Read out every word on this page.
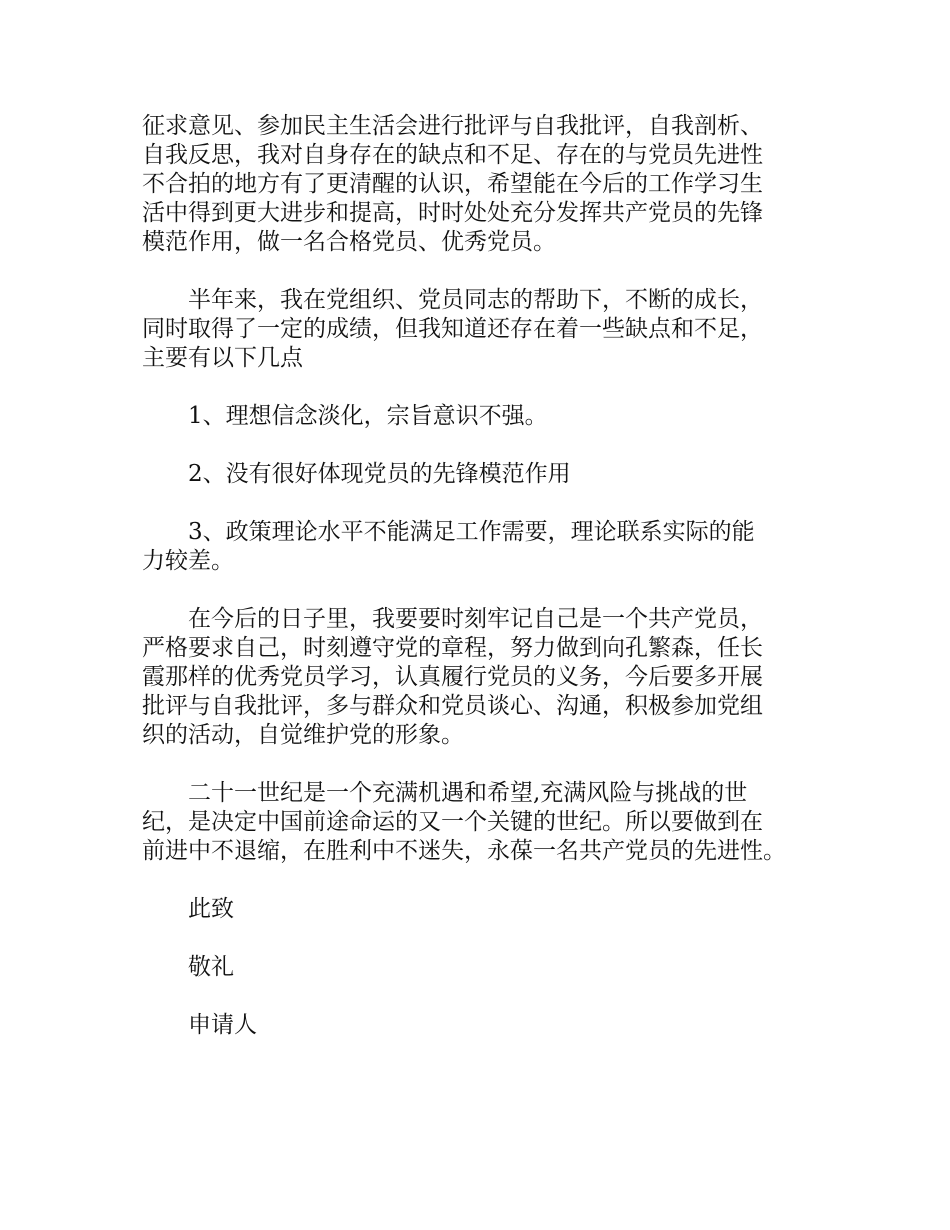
征求意见、参加民主生活会进行批评与自我批评，自我剖析、
自我反思，我对自身存在的缺点和不足、存在的与党员先进性
不合拍的地方有了更清醒的认识，希望能在今后的工作学习生
活中得到更大进步和提高，时时处处充分发挥共产党员的先锋
模范作用，做一名合格党员、优秀党员。

半年来，我在党组织、党员同志的帮助下，不断的成长，
同时取得了一定的成绩，但我知道还存在着一些缺点和不足，
主要有以下几点

1、理想信念淡化，宗旨意识不强。

2、没有很好体现党员的先锋模范作用

3、政策理论水平不能满足工作需要，理论联系实际的能
力较差。

在今后的日子里，我要要时刻牢记自己是一个共产党员，
严格要求自己，时刻遵守党的章程，努力做到向孔繁森，任长
霞那样的优秀党员学习，认真履行党员的义务，今后要多开展
批评与自我批评，多与群众和党员谈心、沟通，积极参加党组
织的活动，自觉维护党的形象。

二十一世纪是一个充满机遇和希望,充满风险与挑战的世
纪，是决定中国前途命运的又一个关键的世纪。所以要做到在
前进中不退缩，在胜利中不迷失，永葆一名共产党员的先进性。

此致

敬礼

申请人
